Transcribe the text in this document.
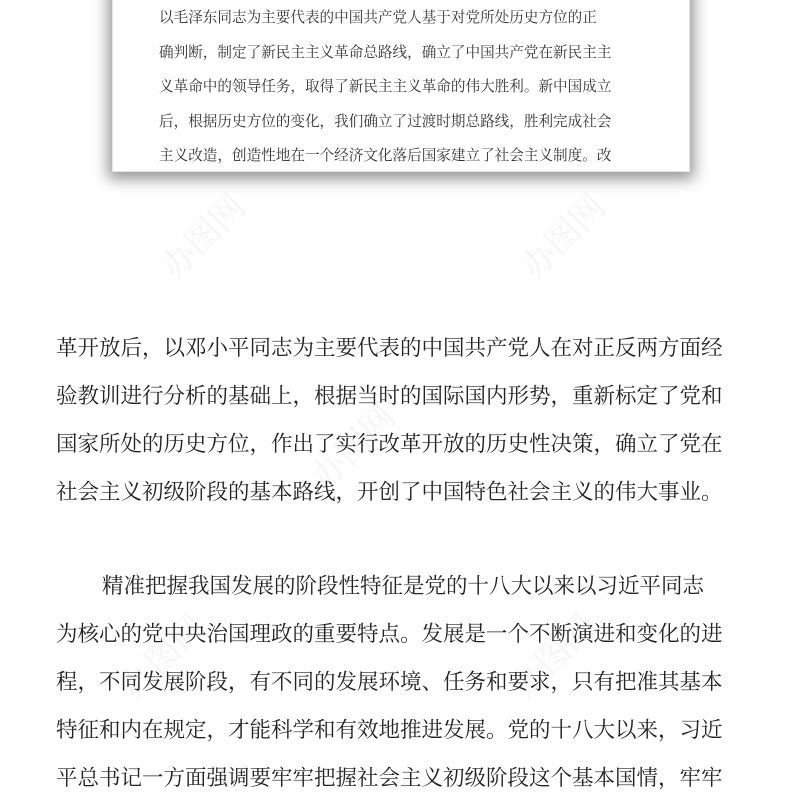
办图网	办图网
办图网
办图网	办图网
以毛泽东同志为主要代表的中国共产党人基于对党所处历史方位的正
确判断，制定了新民主主义革命总路线，确立了中国共产党在新民主主
义革命中的领导任务，取得了新民主主义革命的伟大胜利。新中国成立
后，根据历史方位的变化，我们确立了过渡时期总路线，胜利完成社会
主义改造，创造性地在一个经济文化落后国家建立了社会主义制度。改
革开放后，以邓小平同志为主要代表的中国共产党人在对正反两方面经
验教训进行分析的基础上，根据当时的国际国内形势，重新标定了党和
国家所处的历史方位，作出了实行改革开放的历史性决策，确立了党在
社会主义初级阶段的基本路线，开创了中国特色社会主义的伟大事业。
精准把握我国发展的阶段性特征是党的十八大以来以习近平同志
为核心的党中央治国理政的重要特点。发展是一个不断演进和变化的进
程，不同发展阶段，有不同的发展环境、任务和要求，只有把准其基本
特征和内在规定，才能科学和有效地推进发展。党的十八大以来，习近
平总书记一方面强调要牢牢把握社会主义初级阶段这个基本国情，牢牢
